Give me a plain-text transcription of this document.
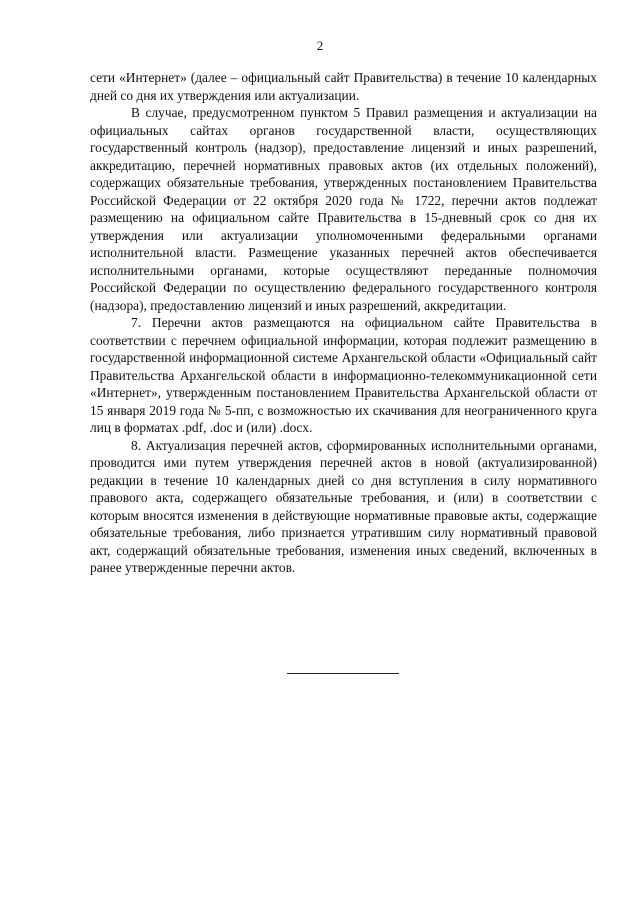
2

сети «Интернет» (далее – официальный сайт Правительства) в течение 10 календарных дней со дня их утверждения или актуализации.

В случае, предусмотренном пунктом 5 Правил размещения и актуализации на официальных сайтах органов государственной власти, осуществляющих государственный контроль (надзор), предоставление лицензий и иных разрешений, аккредитацию, перечней нормативных правовых актов (их отдельных положений), содержащих обязательные требования, утвержденных постановлением Правительства Российской Федерации от 22 октября 2020 года № 1722, перечни актов подлежат размещению на официальном сайте Правительства в 15-дневный срок со дня их утверждения или актуализации уполномоченными федеральными органами исполнительной власти. Размещение указанных перечней актов обеспечивается исполнительными органами, которые осуществляют переданные полномочия Российской Федерации по осуществлению федерального государственного контроля (надзора), предоставлению лицензий и иных разрешений, аккредитации.

7. Перечни актов размещаются на официальном сайте Правительства в соответствии с перечнем официальной информации, которая подлежит размещению в государственной информационной системе Архангельской области «Официальный сайт Правительства Архангельской области в информационно-телекоммуникационной сети «Интернет», утвержденным постановлением Правительства Архангельской области от 15 января 2019 года № 5-пп, с возможностью их скачивания для неограниченного круга лиц в форматах .pdf, .doc и (или) .docx.

8. Актуализация перечней актов, сформированных исполнительными органами, проводится ими путем утверждения перечней актов в новой (актуализированной) редакции в течение 10 календарных дней со дня вступления в силу нормативного правового акта, содержащего обязательные требования, и (или) в соответствии с которым вносятся изменения в действующие нормативные правовые акты, содержащие обязательные требования, либо признается утратившим силу нормативный правовой акт, содержащий обязательные требования, изменения иных сведений, включенных в ранее утвержденные перечни актов.
